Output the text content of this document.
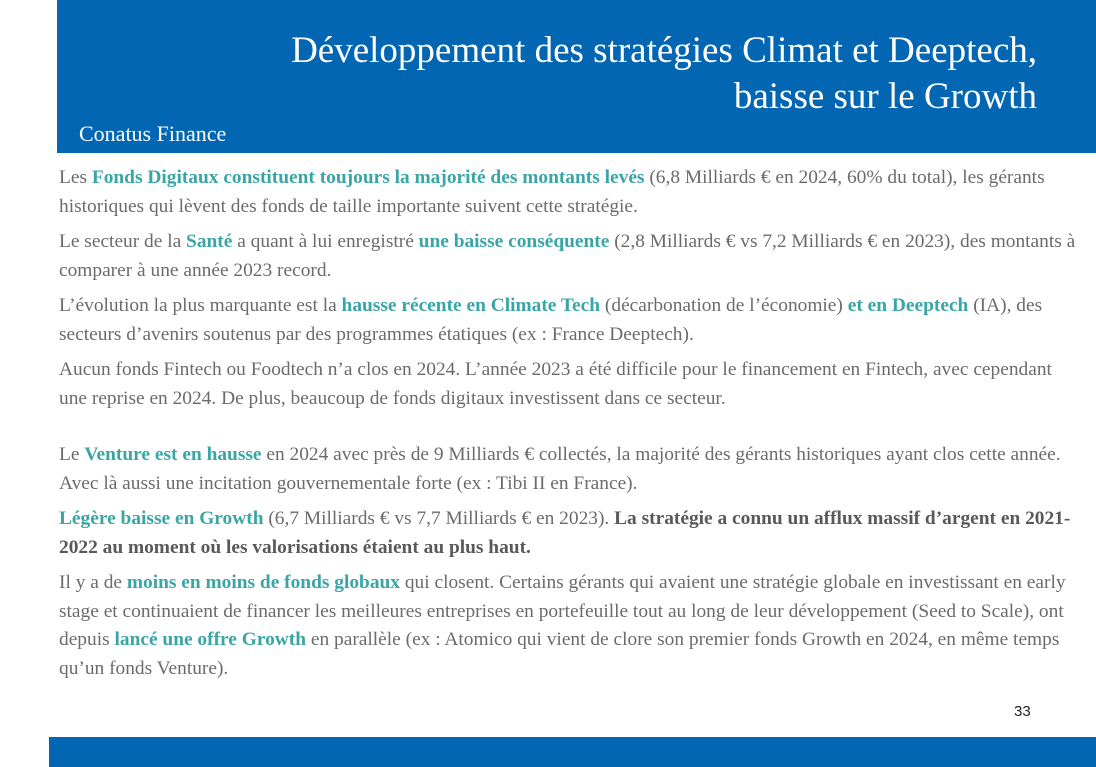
Développement des stratégies Climat et Deeptech,
baisse sur le Growth
Conatus Finance

Les Fonds Digitaux constituent toujours la majorité des montants levés (6,8 Milliards € en 2024, 60% du total), les gérants historiques qui lèvent des fonds de taille importante suivent cette stratégie.

Le secteur de la Santé a quant à lui enregistré une baisse conséquente (2,8 Milliards € vs 7,2 Milliards € en 2023), des montants à comparer à une année 2023 record.

L’évolution la plus marquante est la hausse récente en Climate Tech (décarbonation de l’économie) et en Deeptech (IA), des secteurs d’avenirs soutenus par des programmes étatiques (ex : France Deeptech).

Aucun fonds Fintech ou Foodtech n’a clos en 2024. L’année 2023 a été difficile pour le financement en Fintech, avec cependant une reprise en 2024. De plus, beaucoup de fonds digitaux investissent dans ce secteur.

Le Venture est en hausse en 2024 avec près de 9 Milliards € collectés, la majorité des gérants historiques ayant clos cette année. Avec là aussi une incitation gouvernementale forte (ex : Tibi II en France).

Légère baisse en Growth (6,7 Milliards € vs 7,7 Milliards € en 2023). La stratégie a connu un afflux massif d’argent en 2021-2022 au moment où les valorisations étaient au plus haut.

Il y a de moins en moins de fonds globaux qui closent. Certains gérants qui avaient une stratégie globale en investissant en early stage et continuaient de financer les meilleures entreprises en portefeuille tout au long de leur développement (Seed to Scale), ont depuis lancé une offre Growth en parallèle (ex : Atomico qui vient de clore son premier fonds Growth en 2024, en même temps qu’un fonds Venture).

33
